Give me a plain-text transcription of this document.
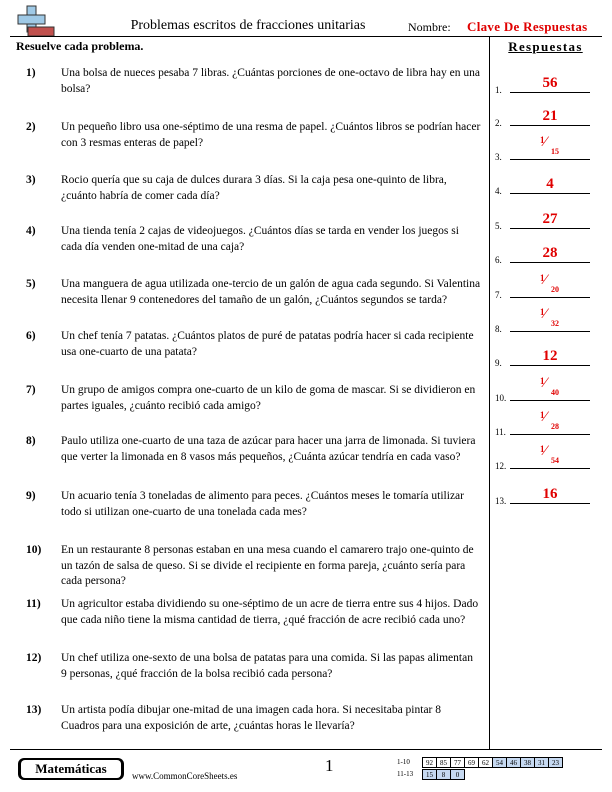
Problemas escritos de fracciones unitarias	Nombre: Clave De Respuestas
Resuelve cada problema.	Respuestas
1) Una bolsa de nueces pesaba 7 libras. ¿Cuántas porciones de one-octavo de libra hay en una bolsa?
2) Un pequeño libro usa one-séptimo de una resma de papel. ¿Cuántos libros se podrían hacer con 3 resmas enteras de papel?
3) Rocio quería que su caja de dulces durara 3 días. Si la caja pesa one-quinto de libra, ¿cuánto habría de comer cada día?
4) Una tienda tenía 2 cajas de videojuegos. ¿Cuántos días se tarda en vender los juegos si cada día venden one-mitad de una caja?
5) Una manguera de agua utilizada one-tercio de un galón de agua cada segundo. Si Valentina necesita llenar 9 contenedores del tamaño de un galón, ¿Cuántos segundos se tarda?
6) Un chef tenía 7 patatas. ¿Cuántos platos de puré de patatas podría hacer si cada recipiente usa one-cuarto de una patata?
7) Un grupo de amigos compra one-cuarto de un kilo de goma de mascar. Si se dividieron en partes iguales, ¿cuánto recibió cada amigo?
8) Paulo utiliza one-cuarto de una taza de azúcar para hacer una jarra de limonada. Si tuviera que verter la limonada en 8 vasos más pequeños, ¿Cuánta azúcar tendría en cada vaso?
9) Un acuario tenía 3 toneladas de alimento para peces. ¿Cuántos meses le tomaría utilizar todo si utilizan one-cuarto de una tonelada cada mes?
10) En un restaurante 8 personas estaban en una mesa cuando el camarero trajo one-quinto de un tazón de salsa de queso. Si se divide el recipiente en forma pareja, ¿cuánto sería para cada persona?
11) Un agricultor estaba dividiendo su one-séptimo de un acre de tierra entre sus 4 hijos. Dado que cada niño tiene la misma cantidad de tierra, ¿qué fracción de acre recibió cada uno?
12) Un chef utiliza one-sexto de una bolsa de patatas para una comida. Si las papas alimentan 9 personas, ¿qué fracción de la bolsa recibió cada persona?
13) Un artista podía dibujar one-mitad de una imagen cada hora. Si necesitaba pintar 8 Cuadros para una exposición de arte, ¿cuántas horas le llevaría?
1.	56
2.	21
3.
1 ⁄
15
4.	4
5.	27
6.	28
7.
1 ⁄
20
8.
1 ⁄
32
9.	12
10.
1 ⁄
40
11.
1 ⁄
28
12.
1 ⁄
54
13.	16
Matemáticas	www.CommonCoreSheets.es
1	1-10	92	85	77	69	62	54	46	38	31	23
11-13	15	8	0
